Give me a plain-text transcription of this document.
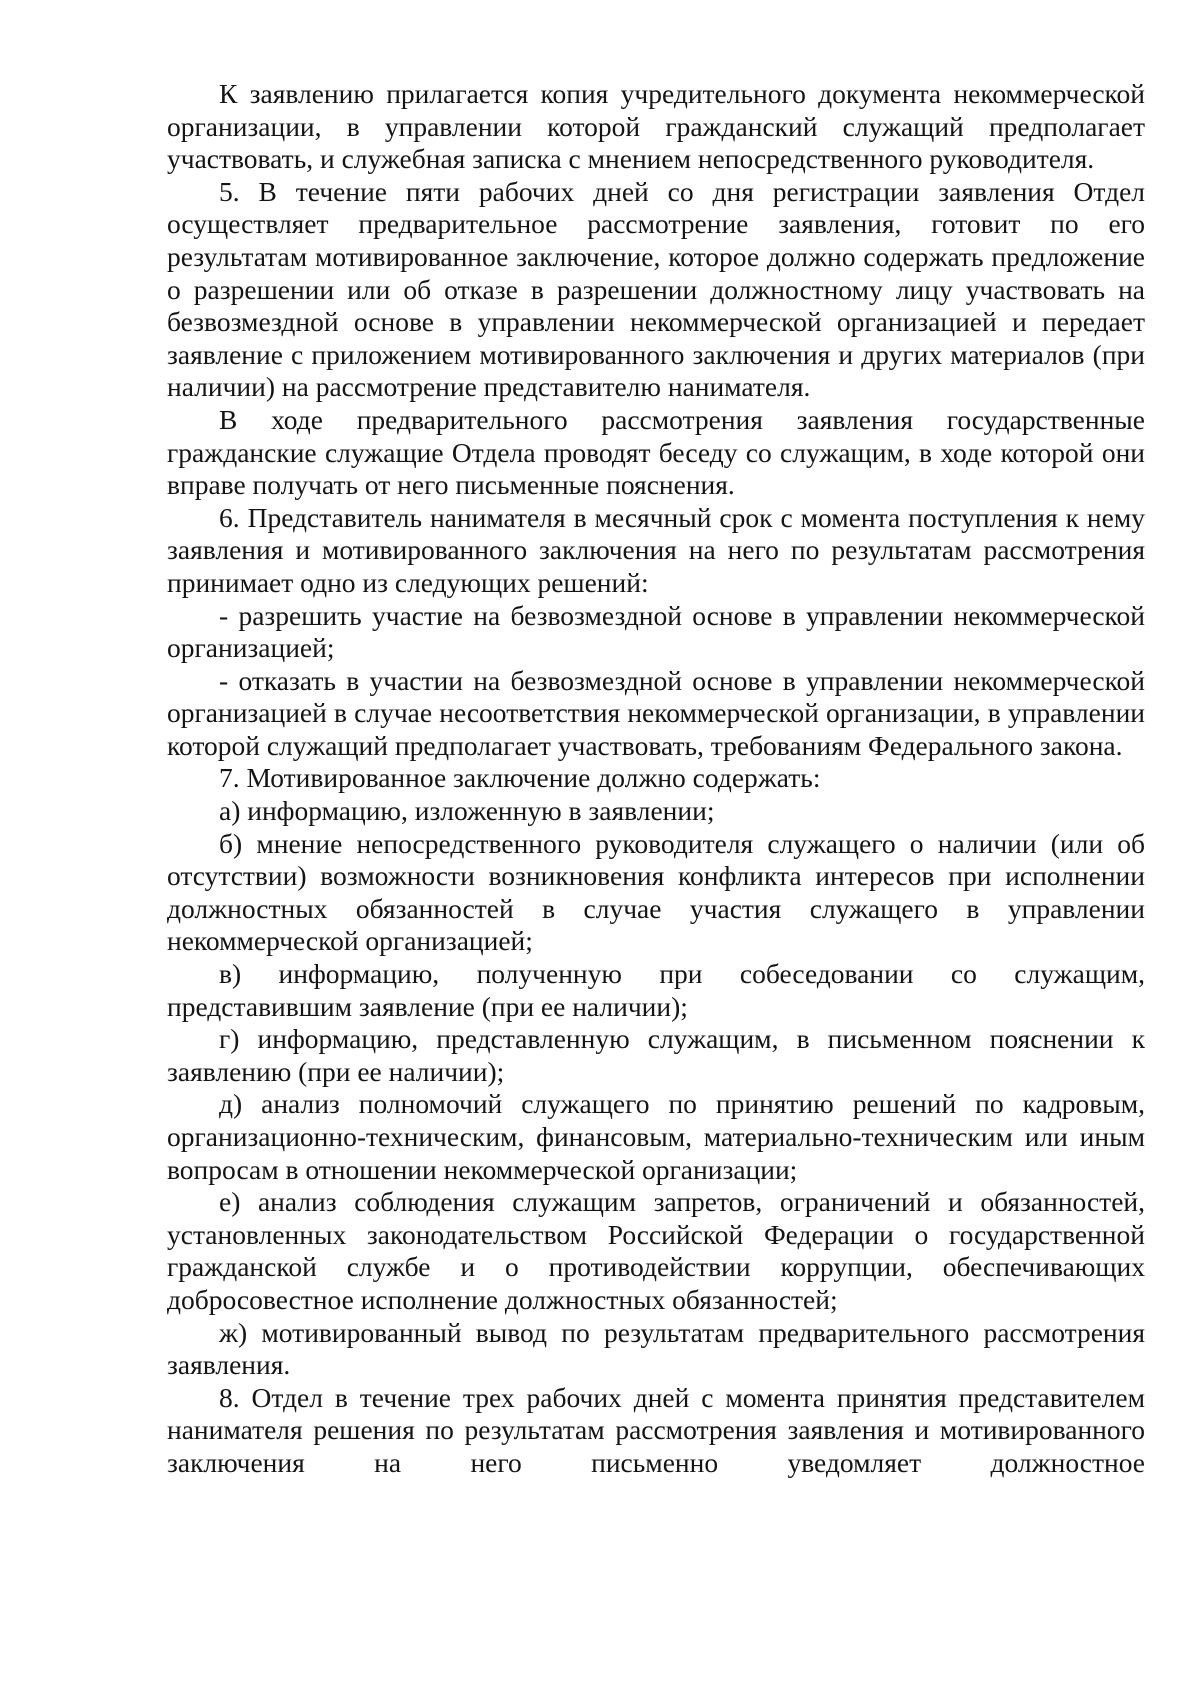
К заявлению прилагается копия учредительного документа некоммерческой организации, в управлении которой гражданский служащий предполагает участвовать, и служебная записка с мнением непосредственного руководителя.

5. В течение пяти рабочих дней со дня регистрации заявления Отдел осуществляет предварительное рассмотрение заявления, готовит по его результатам мотивированное заключение, которое должно содержать предложение о разрешении или об отказе в разрешении должностному лицу участвовать на безвозмездной основе в управлении некоммерческой организацией и передает заявление с приложением мотивированного заключения и других материалов (при наличии) на рассмотрение представителю нанимателя.

В ходе предварительного рассмотрения заявления государственные гражданские служащие Отдела проводят беседу со служащим, в ходе которой они вправе получать от него письменные пояснения.

6. Представитель нанимателя в месячный срок с момента поступления к нему заявления и мотивированного заключения на него по результатам рассмотрения принимает одно из следующих решений:

- разрешить участие на безвозмездной основе в управлении некоммерческой организацией;

- отказать в участии на безвозмездной основе в управлении некоммерческой организацией в случае несоответствия некоммерческой организации, в управлении которой служащий предполагает участвовать, требованиям Федерального закона.

7. Мотивированное заключение должно содержать:

а) информацию, изложенную в заявлении;

б) мнение непосредственного руководителя служащего о наличии (или об отсутствии) возможности возникновения конфликта интересов при исполнении должностных обязанностей в случае участия служащего в управлении некоммерческой организацией;

в) информацию, полученную при собеседовании со служащим, представившим заявление (при ее наличии);

г) информацию, представленную служащим, в письменном пояснении к заявлению (при ее наличии);

д) анализ полномочий служащего по принятию решений по кадровым, организационно-техническим, финансовым, материально-техническим или иным вопросам в отношении некоммерческой организации;

е) анализ соблюдения служащим запретов, ограничений и обязанностей, установленных законодательством Российской Федерации о государственной гражданской службе и о противодействии коррупции, обеспечивающих добросовестное исполнение должностных обязанностей;

ж) мотивированный вывод по результатам предварительного рассмотрения заявления.

8. Отдел в течение трех рабочих дней с момента принятия представителем нанимателя решения по результатам рассмотрения заявления и мотивированного заключения на него письменно уведомляет должностное
